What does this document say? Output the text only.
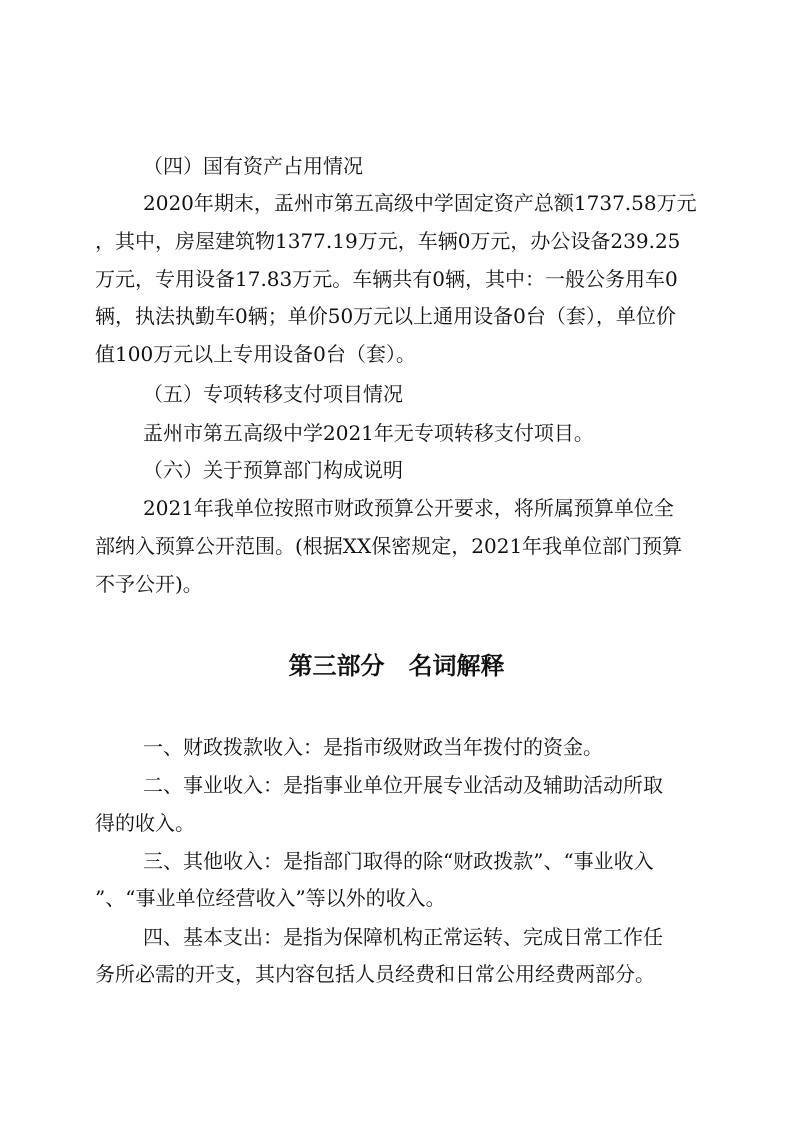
（四）国有资产占用情况
2020年期末，盂州市第五高级中学固定资产总额1737.58万元
，其中，房屋建筑物1377.19万元，车辆0万元，办公设备239.25
万元，专用设备17.83万元。车辆共有0辆，其中：一般公务用车0
辆，执法执勤车0辆；单价50万元以上通用设备0台（套），单位价
值100万元以上专用设备0台（套）。
（五）专项转移支付项目情况
盂州市第五高级中学2021年无专项转移支付项目。
（六）关于预算部门构成说明
2021年我单位按照市财政预算公开要求，将所属预算单位全
部纳入预算公开范围。(根据XX保密规定，2021年我单位部门预算
不予公开)。
第三部分　名词解释
一、财政拨款收入：是指市级财政当年拨付的资金。
二、事业收入：是指事业单位开展专业活动及辅助活动所取
得的收入。
三、其他收入：是指部门取得的除“财政拨款”、“事业收入
”、“事业单位经营收入”等以外的收入。
四、基本支出：是指为保障机构正常运转、完成日常工作任
务所必需的开支，其内容包括人员经费和日常公用经费两部分。
